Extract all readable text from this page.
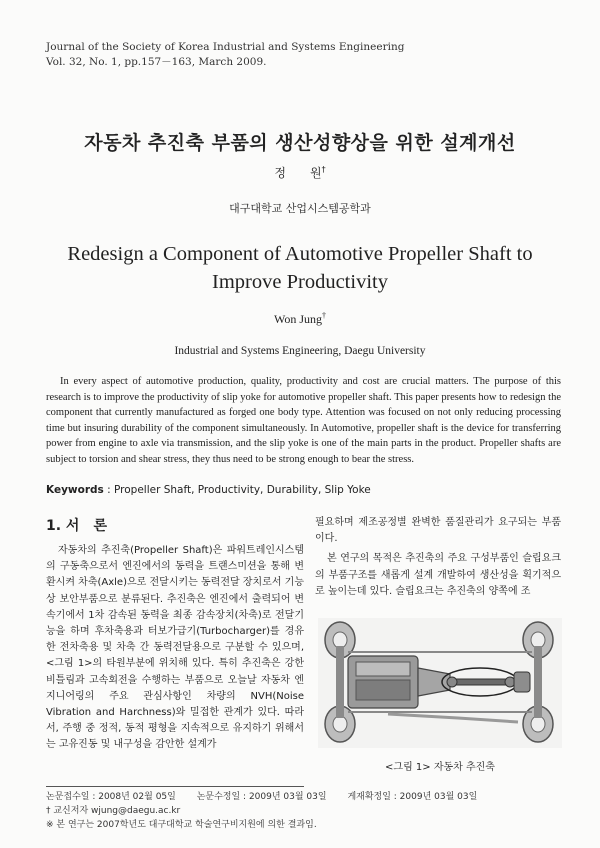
Journal of the Society of Korea Industrial and Systems Engineering
Vol. 32, No. 1, pp.157－163, March 2009.
자동차 추진축 부품의 생산성향상을 위한 설계개선
정　　원†
대구대학교 산업시스템공학과
Redesign a Component of Automotive Propeller Shaft to Improve Productivity
Won Jung†
Industrial and Systems Engineering, Daegu University
In every aspect of automotive production, quality, productivity and cost are crucial matters. The purpose of this research is to improve the productivity of slip yoke for automotive propeller shaft. This paper presents how to redesign the component that currently manufactured as forged one body type. Attention was focused on not only reducing processing time but insuring durability of the component simultaneously. In Automotive, propeller shaft is the device for transferring power from engine to axle via transmission, and the slip yoke is one of the main parts in the product. Propeller shafts are subject to torsion and shear stress, they thus need to be strong enough to bear the stress.
Keywords : Propeller Shaft, Productivity, Durability, Slip Yoke
1. 서　론
자동차의 추진축(Propeller Shaft)은 파워트레인시스템의 구동축으로서 엔진에서의 동력을 트랜스미션을 통해 변환시켜 차축(Axle)으로 전달시키는 동력전달 장치로서 기능상 보안부품으로 분류된다. 추진축은 엔진에서 출력되어 변속기에서 1차 감속된 동력을 최종 감속장치(차축)로 전달기능을 하며 후차축용과 터보가급기(Turbocharger)를 경유한 전차축용 및 차축 간 동력전달용으로 구분할 수 있으며, <그림 1>의 타원부분에 위치해 있다. 특히 추진축은 강한 비틀림과 고속회전을 수행하는 부품으로 오늘날 자동차 엔지니어링의 주요 관심사항인 차량의 NVH(Noise Vibration and Harchness)와 밀접한 관계가 있다. 따라서, 주행 중 정적, 동적 평형을 지속적으로 유지하기 위해서는 고유진동 및 내구성을 감안한 설계가

필요하며 제조공정별 완벽한 품질관리가 요구되는 부품이다.

본 연구의 목적은 추진축의 주요 구성부품인 슬립요크의 부품구조를 새롭게 설계 개발하여 생산성을 획기적으로 높이는데 있다. 슬립요크는 추진축의 양쪽에 조

<그림 1> 자동차 추진축
논문접수일 : 2008년 02월 05일 논문수정일 : 2009년 03월 03일 게재확정일 : 2009년 03월 03일
† 교신저자 wjung@daegu.ac.kr
※ 본 연구는 2007학년도 대구대학교 학술연구비지원에 의한 결과임.
